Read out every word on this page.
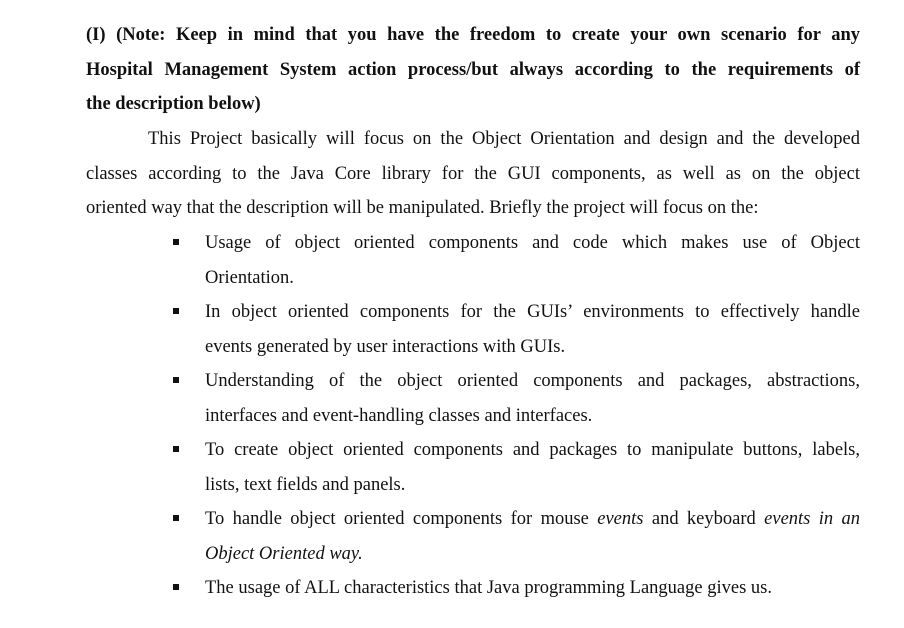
(I) (Note: Keep in mind that you have the freedom to create your own scenario for any
Hospital Management System action process/but always according to the requirements of
the description below)
This Project basically will focus on the Object Orientation and design and the developed
classes according to the Java Core library for the GUI components, as well as on the object
oriented way that the description will be manipulated. Briefly the project will focus on the:
Usage of object oriented components and code which makes use of Object
Orientation.
In object oriented components for the GUIs’ environments to effectively handle
events generated by user interactions with GUIs.
Understanding of the object oriented components and packages, abstractions,
interfaces and event-handling classes and interfaces.
To create object oriented components and packages to manipulate buttons, labels,
lists, text fields and panels.
To handle object oriented components for mouse events and keyboard events in an
Object Oriented way.
The usage of ALL characteristics that Java programming Language gives us.
